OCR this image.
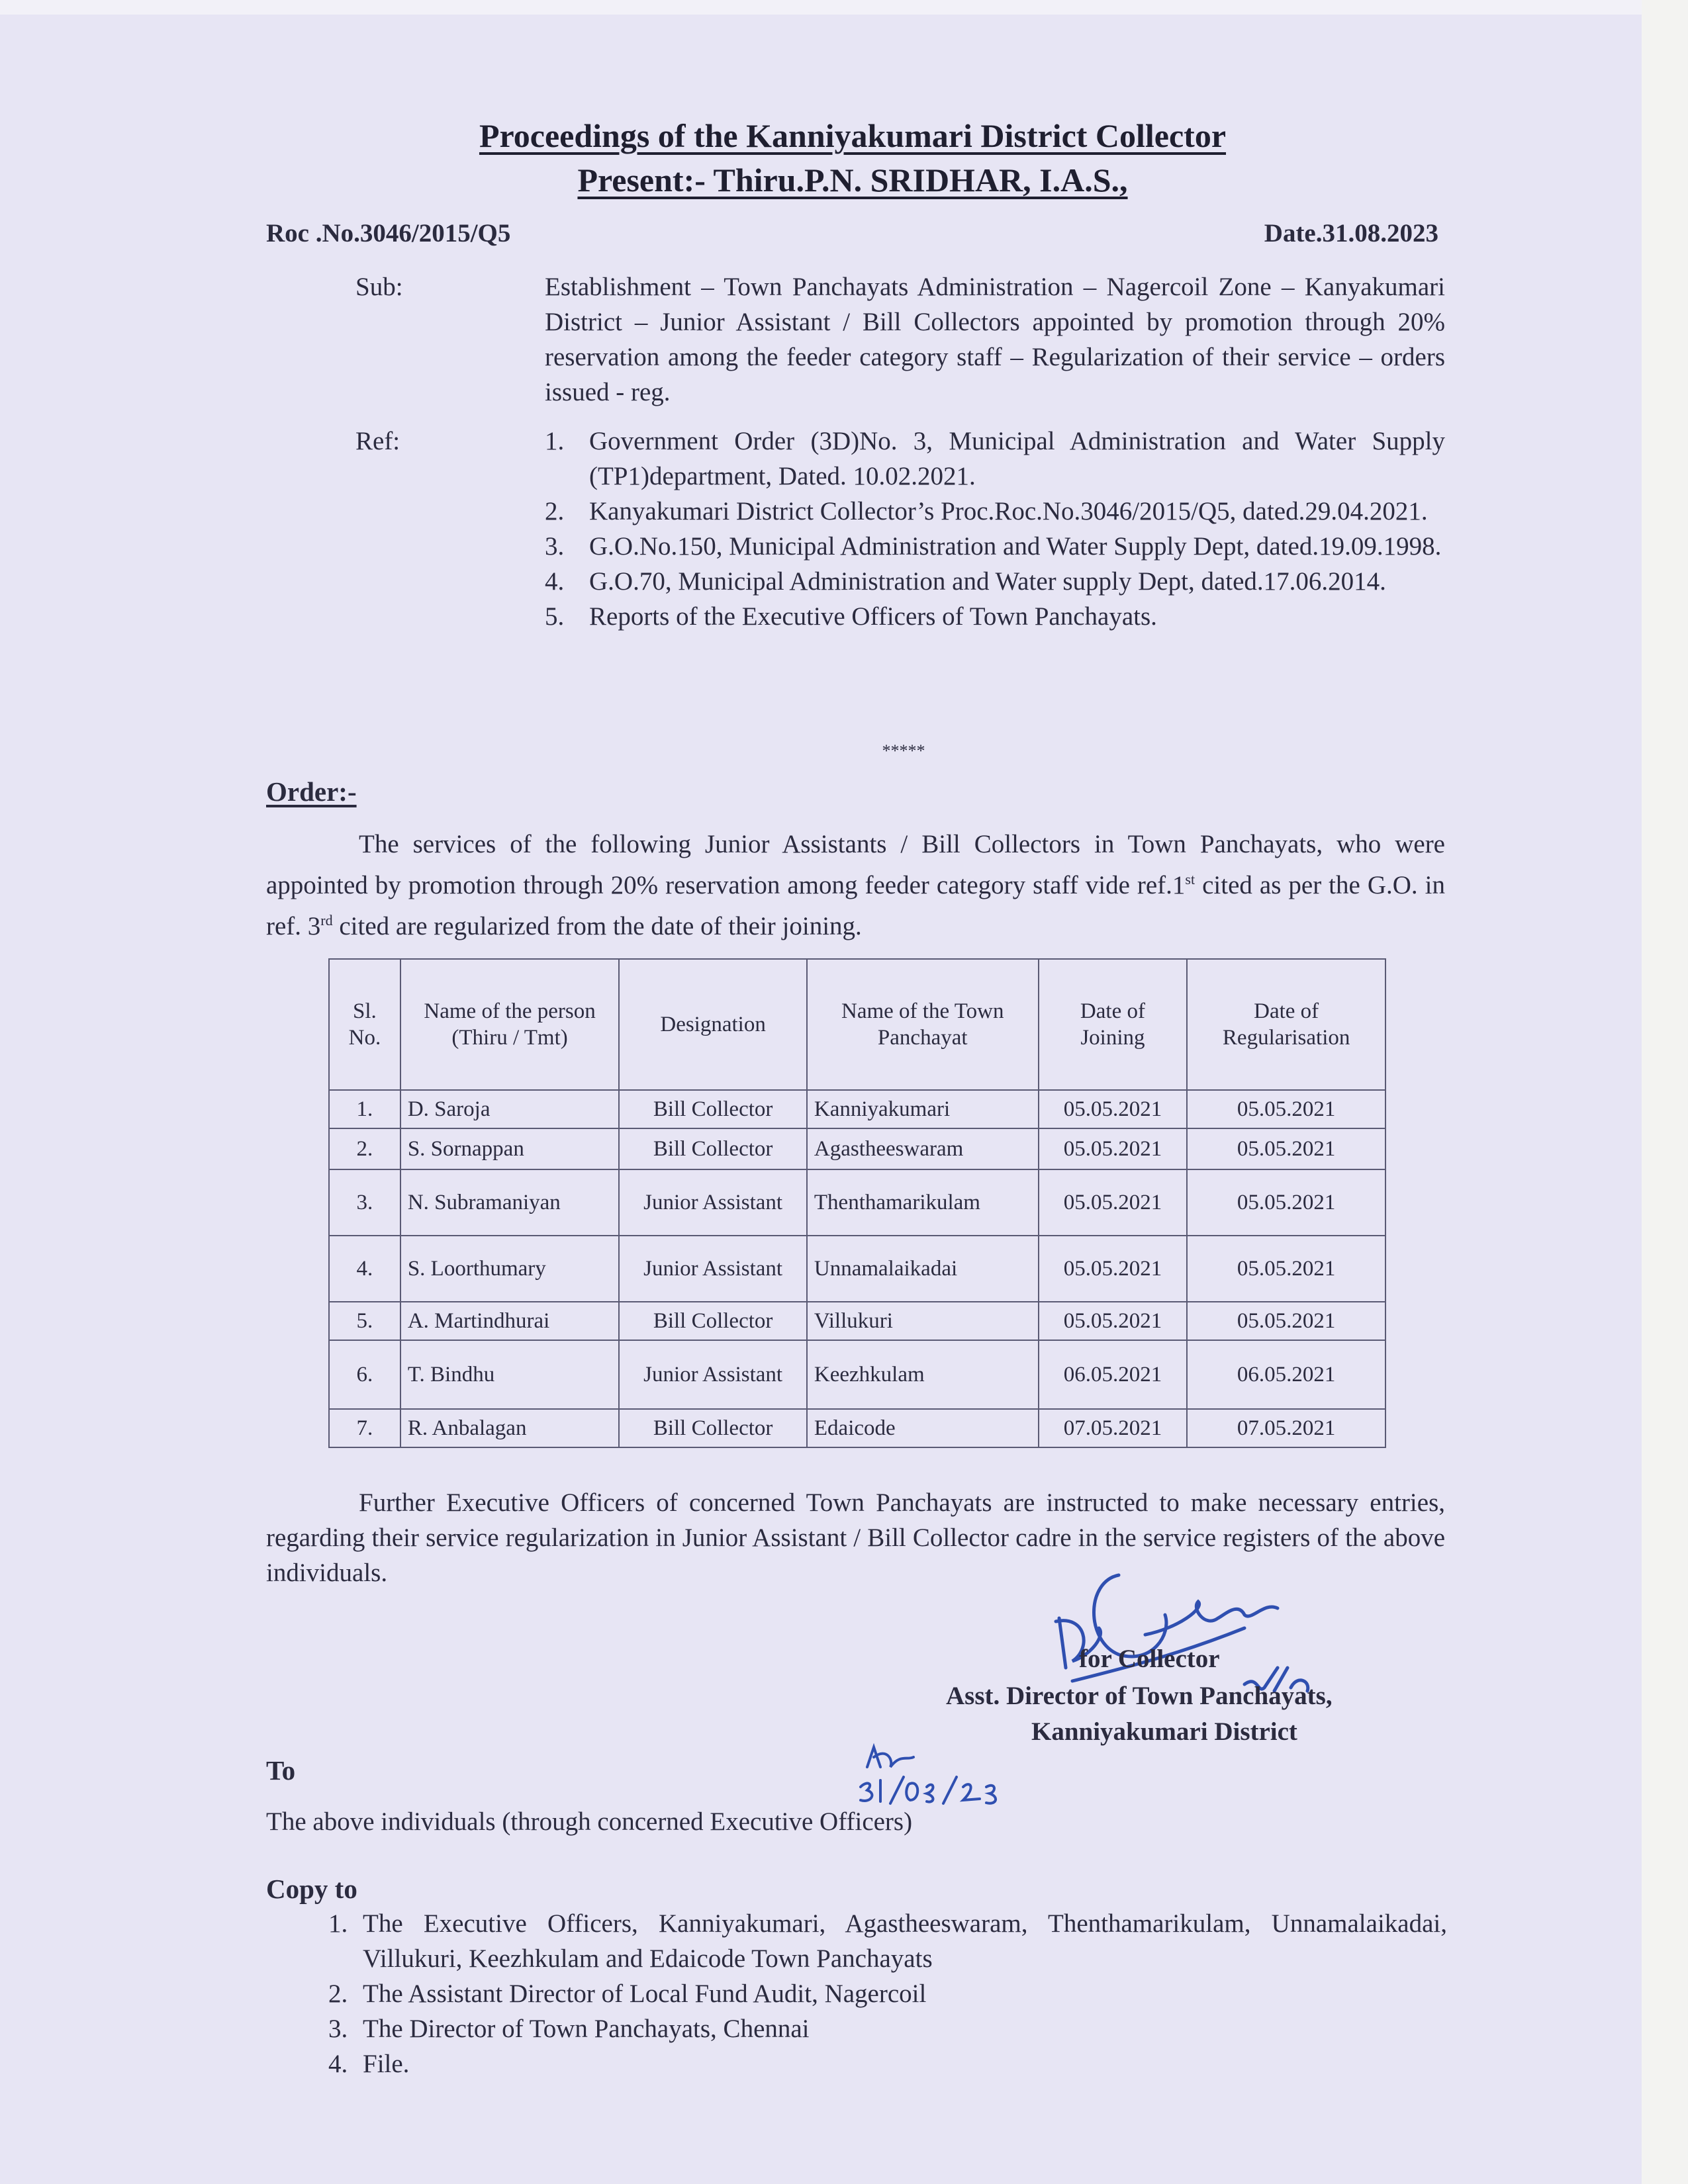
Proceedings of the Kanniyakumari District Collector
Present:- Thiru.P.N. SRIDHAR, I.A.S.,
Roc .No.3046/2015/Q5	Date.31.08.2023
Sub:	Establishment – Town Panchayats Administration – Nagercoil Zone – Kanyakumari District – Junior Assistant / Bill Collectors appointed by promotion through 20% reservation among the feeder category staff – Regularization of their service – orders issued - reg.
Ref:	1. Government Order (3D)No. 3, Municipal Administration and Water Supply (TP1)department, Dated. 10.02.2021.
2. Kanyakumari District Collector’s Proc.Roc.No.3046/2015/Q5, dated.29.04.2021.
3. G.O.No.150, Municipal Administration and Water Supply Dept, dated.19.09.1998.
4. G.O.70, Municipal Administration and Water supply Dept, dated.17.06.2014.
5. Reports of the Executive Officers of Town Panchayats.
*****
Order:-

The services of the following Junior Assistants / Bill Collectors in Town Panchayats, who were appointed by promotion through 20% reservation among feeder category staff vide ref.1st cited as per the G.O. in ref. 3rd cited are regularized from the date of their joining.

Sl. No.	Name of the person (Thiru / Tmt)	Designation	Name of the Town Panchayat	Date of Joining	Date of Regularisation
1.	D. Saroja	Bill Collector	Kanniyakumari	05.05.2021	05.05.2021
2.	S. Sornappan	Bill Collector	Agastheeswaram	05.05.2021	05.05.2021
3.	N. Subramaniyan	Junior Assistant	Thenthamarikulam	05.05.2021	05.05.2021
4.	S. Loorthumary	Junior Assistant	Unnamalaikadai	05.05.2021	05.05.2021
5.	A. Martindhurai	Bill Collector	Villukuri	05.05.2021	05.05.2021
6.	T. Bindhu	Junior Assistant	Keezhkulam	06.05.2021	06.05.2021
7.	R. Anbalagan	Bill Collector	Edaicode	07.05.2021	07.05.2021

Further Executive Officers of concerned Town Panchayats are instructed to make necessary entries, regarding their service regularization in Junior Assistant / Bill Collector cadre in the service registers of the above individuals.

for Collector
Asst. Director of Town Panchayats,
Kanniyakumari District
To
The above individuals (through concerned Executive Officers)
Copy to
1. The Executive Officers, Kanniyakumari, Agastheeswaram, Thenthamarikulam, Unnamalaikadai, Villukuri, Keezhkulam and Edaicode Town Panchayats
2. The Assistant Director of Local Fund Audit, Nagercoil
3. The Director of Town Panchayats, Chennai
4. File.
